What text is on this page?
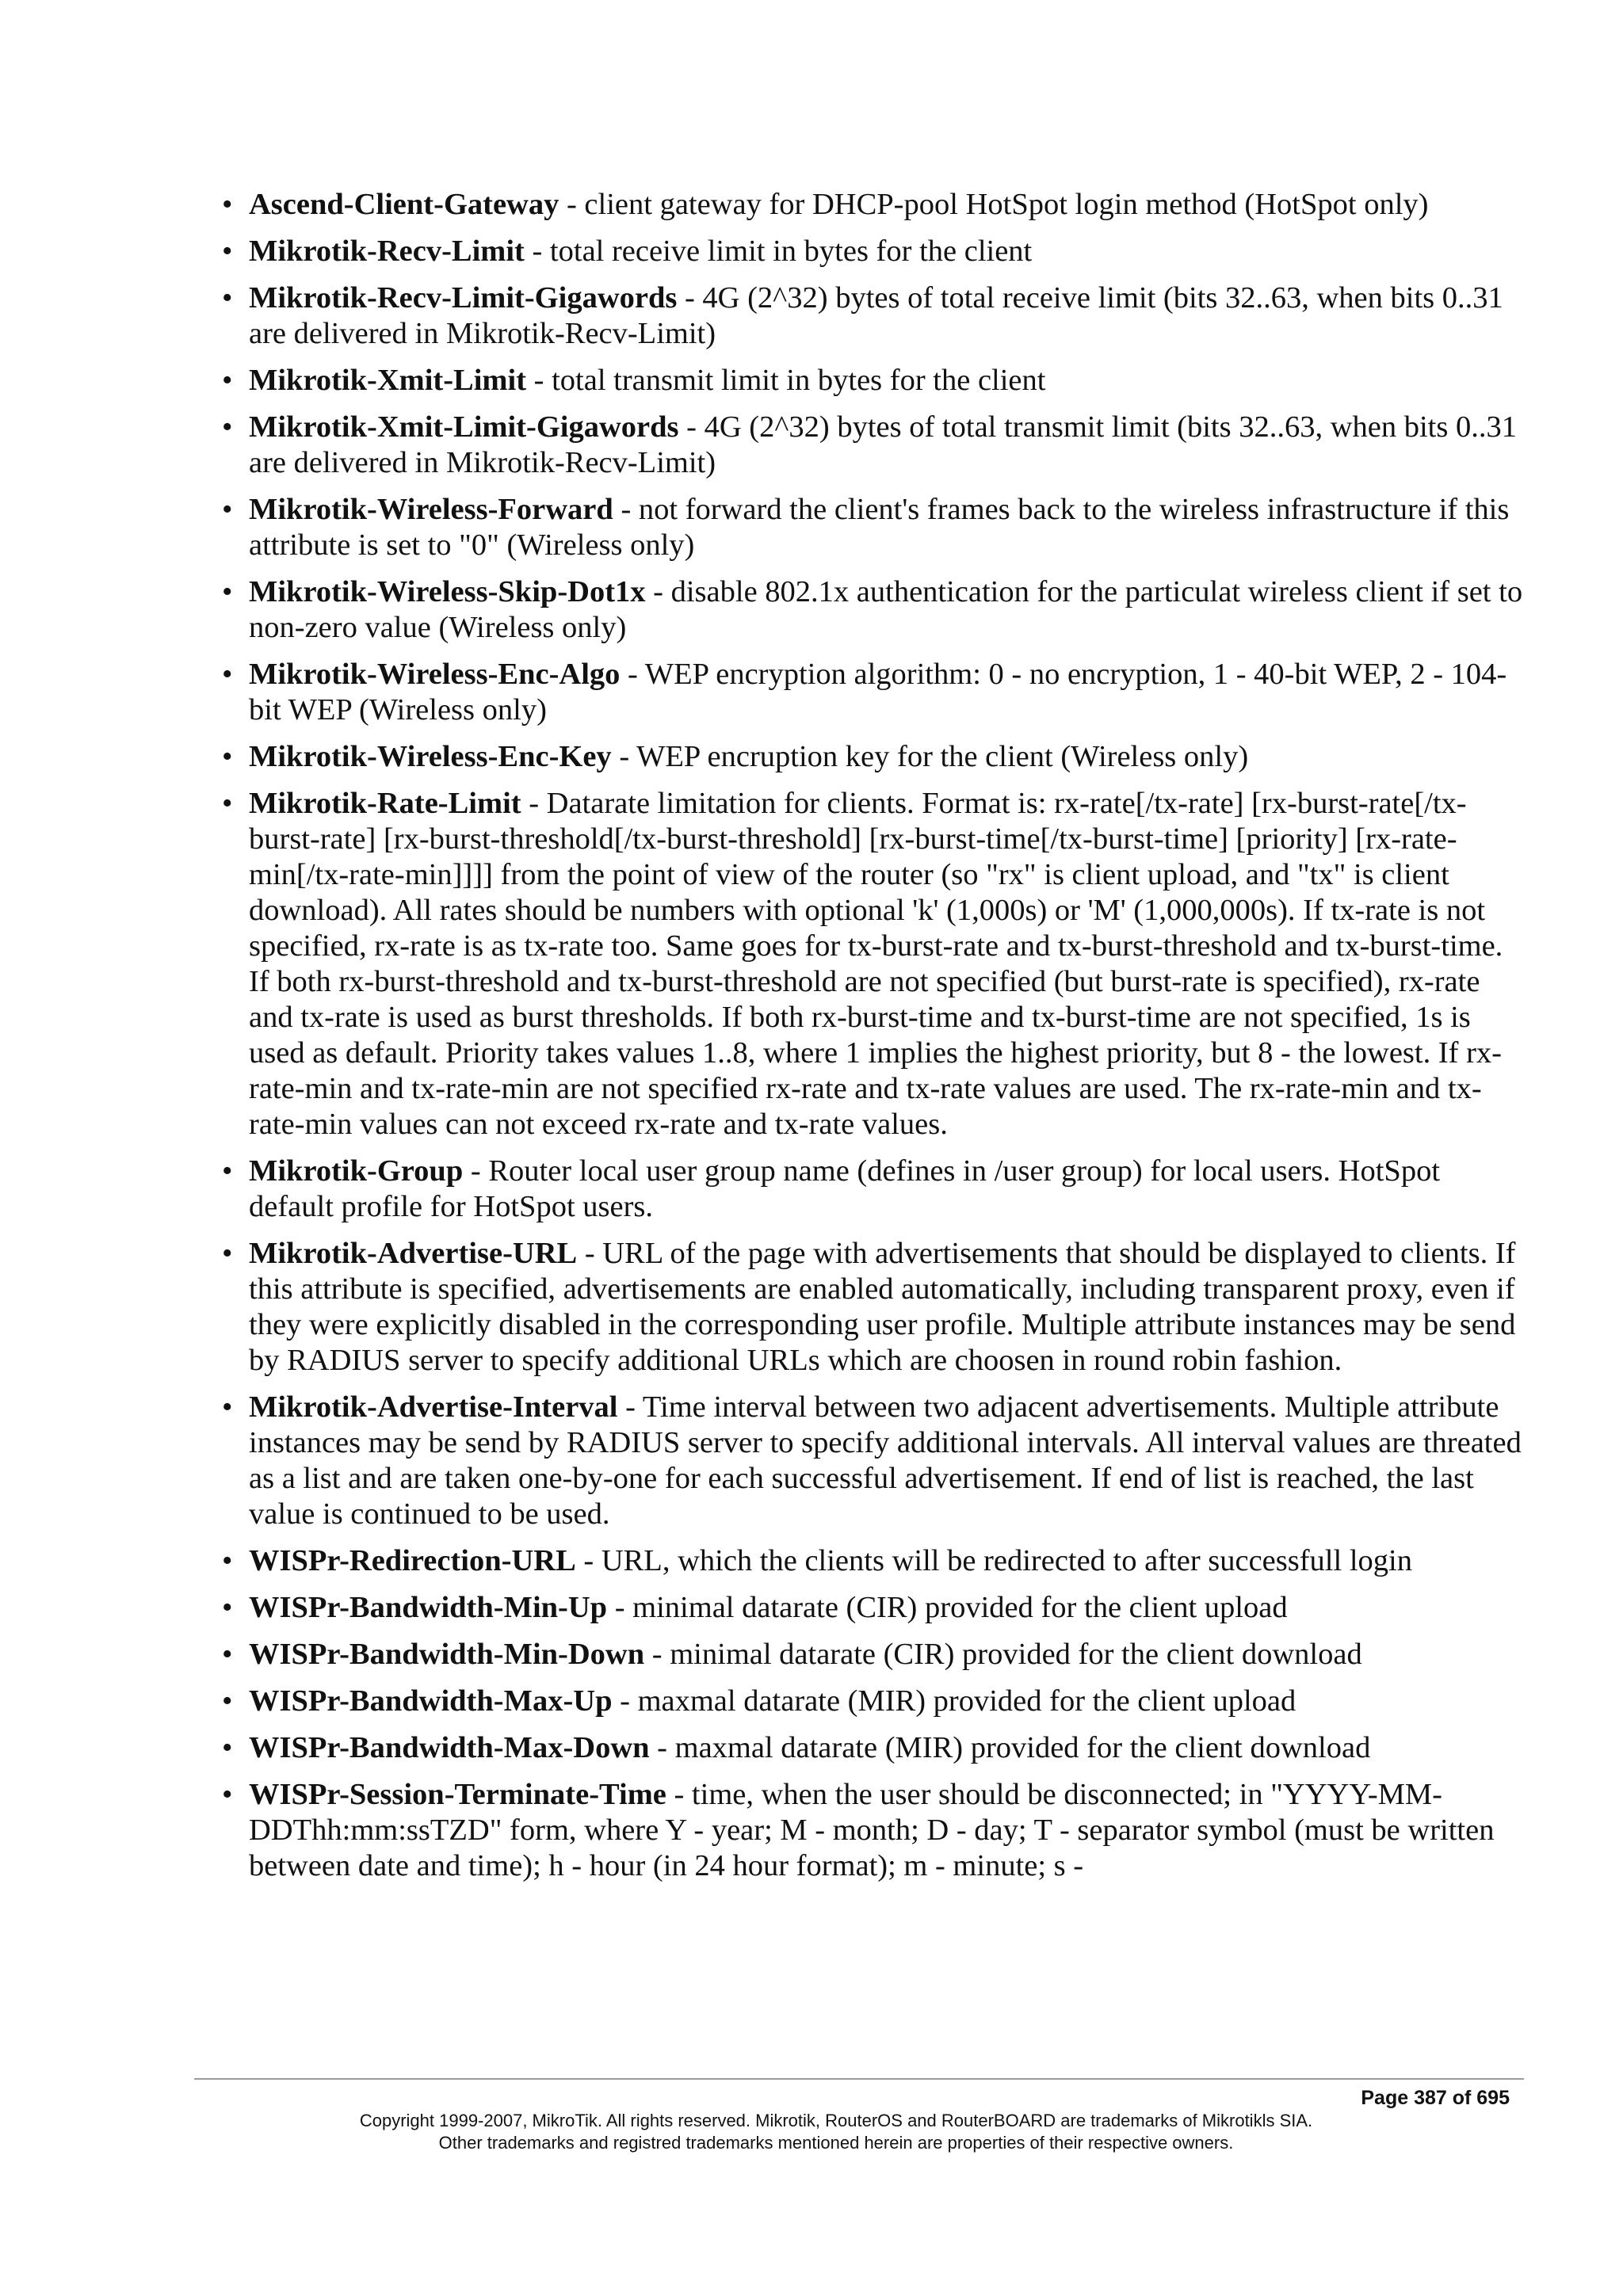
• Ascend-Client-Gateway - client gateway for DHCP-pool HotSpot login method (HotSpot only)
• Mikrotik-Recv-Limit - total receive limit in bytes for the client
• Mikrotik-Recv-Limit-Gigawords - 4G (2^32) bytes of total receive limit (bits 32..63, when bits 0..31 are delivered in Mikrotik-Recv-Limit)
• Mikrotik-Xmit-Limit - total transmit limit in bytes for the client
• Mikrotik-Xmit-Limit-Gigawords - 4G (2^32) bytes of total transmit limit (bits 32..63, when bits 0..31 are delivered in Mikrotik-Recv-Limit)
• Mikrotik-Wireless-Forward - not forward the client's frames back to the wireless infrastructure if this attribute is set to "0" (Wireless only)
• Mikrotik-Wireless-Skip-Dot1x - disable 802.1x authentication for the particulat wireless client if set to non-zero value (Wireless only)
• Mikrotik-Wireless-Enc-Algo - WEP encryption algorithm: 0 - no encryption, 1 - 40-bit WEP, 2 - 104-bit WEP (Wireless only)
• Mikrotik-Wireless-Enc-Key - WEP encruption key for the client (Wireless only)
• Mikrotik-Rate-Limit - Datarate limitation for clients. Format is: rx-rate[/tx-rate] [rx-burst-rate[/tx-burst-rate] [rx-burst-threshold[/tx-burst-threshold] [rx-burst-time[/tx-burst-time] [priority] [rx-rate-min[/tx-rate-min]]]] from the point of view of the router (so "rx" is client upload, and "tx" is client download). All rates should be numbers with optional 'k' (1,000s) or 'M' (1,000,000s). If tx-rate is not specified, rx-rate is as tx-rate too. Same goes for tx-burst-rate and tx-burst-threshold and tx-burst-time. If both rx-burst-threshold and tx-burst-threshold are not specified (but burst-rate is specified), rx-rate and tx-rate is used as burst thresholds. If both rx-burst-time and tx-burst-time are not specified, 1s is used as default. Priority takes values 1..8, where 1 implies the highest priority, but 8 - the lowest. If rx-rate-min and tx-rate-min are not specified rx-rate and tx-rate values are used. The rx-rate-min and tx-rate-min values can not exceed rx-rate and tx-rate values.
• Mikrotik-Group - Router local user group name (defines in /user group) for local users. HotSpot default profile for HotSpot users.
• Mikrotik-Advertise-URL - URL of the page with advertisements that should be displayed to clients. If this attribute is specified, advertisements are enabled automatically, including transparent proxy, even if they were explicitly disabled in the corresponding user profile. Multiple attribute instances may be send by RADIUS server to specify additional URLs which are choosen in round robin fashion.
• Mikrotik-Advertise-Interval - Time interval between two adjacent advertisements. Multiple attribute instances may be send by RADIUS server to specify additional intervals. All interval values are threated as a list and are taken one-by-one for each successful advertisement. If end of list is reached, the last value is continued to be used.
• WISPr-Redirection-URL - URL, which the clients will be redirected to after successfull login
• WISPr-Bandwidth-Min-Up - minimal datarate (CIR) provided for the client upload
• WISPr-Bandwidth-Min-Down - minimal datarate (CIR) provided for the client download
• WISPr-Bandwidth-Max-Up - maxmal datarate (MIR) provided for the client upload
• WISPr-Bandwidth-Max-Down - maxmal datarate (MIR) provided for the client download
• WISPr-Session-Terminate-Time - time, when the user should be disconnected; in "YYYY-MM-DDThh:mm:ssTZD" form, where Y - year; M - month; D - day; T - separator symbol (must be written between date and time); h - hour (in 24 hour format); m - minute; s -
Page 387 of 695
Copyright 1999-2007, MikroTik. All rights reserved. Mikrotik, RouterOS and RouterBOARD are trademarks of Mikrotikls SIA.
Other trademarks and registred trademarks mentioned herein are properties of their respective owners.
